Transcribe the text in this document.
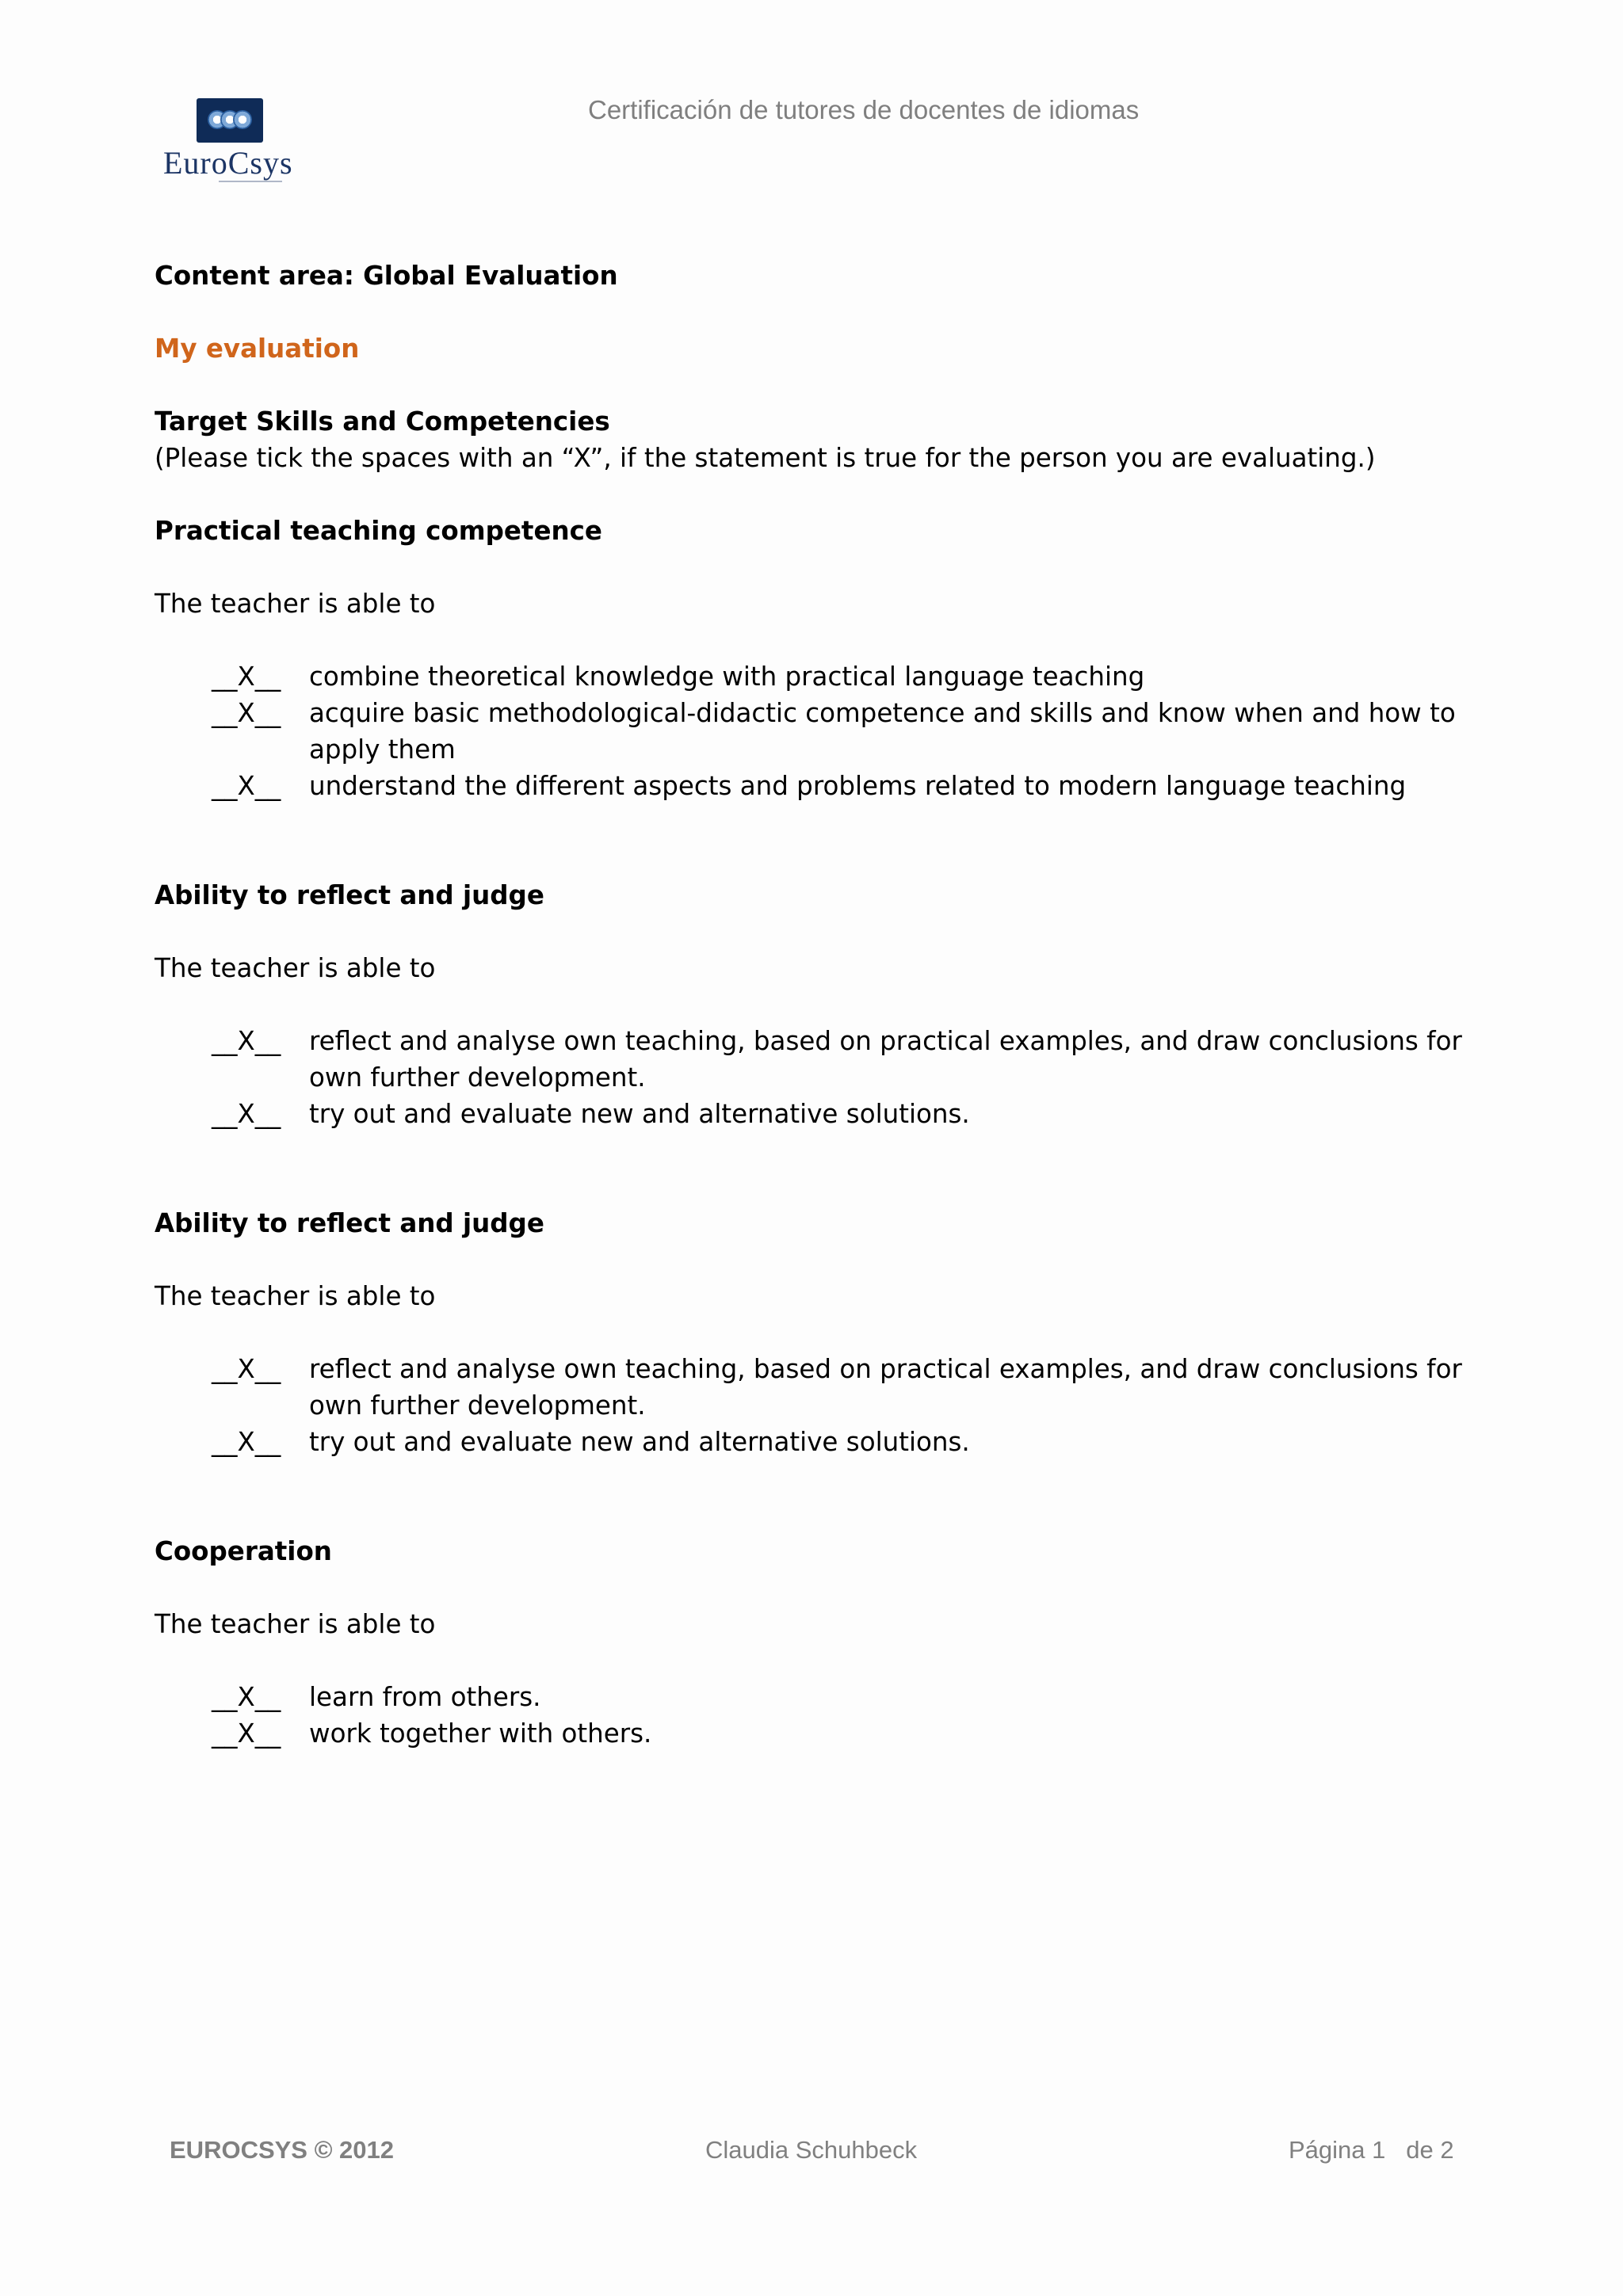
EuroCsys
Certificación de tutores de docentes de idiomas

Content area: Global Evaluation

My evaluation

Target Skills and Competencies

(Please tick the spaces with an “X”, if the statement is true for the person you are evaluating.)

Practical teaching competence

The teacher is able to

__X__	combine theoretical knowledge with practical language teaching
__X__	acquire basic methodological-didactic competence and skills and know when and how to apply them
__X__	understand the different aspects and problems related to modern language teaching

Ability to reflect and judge

The teacher is able to

__X__	reflect and analyse own teaching, based on practical examples, and draw conclusions for own further development.
__X__	try out and evaluate new and alternative solutions.

Ability to reflect and judge

The teacher is able to

__X__	reflect and analyse own teaching, based on practical examples, and draw conclusions for own further development.
__X__	try out and evaluate new and alternative solutions.

Cooperation

The teacher is able to

__X__	learn from others.
__X__	work together with others.
EUROCSYS © 2012	Claudia Schuhbeck	Página 1   de 2
